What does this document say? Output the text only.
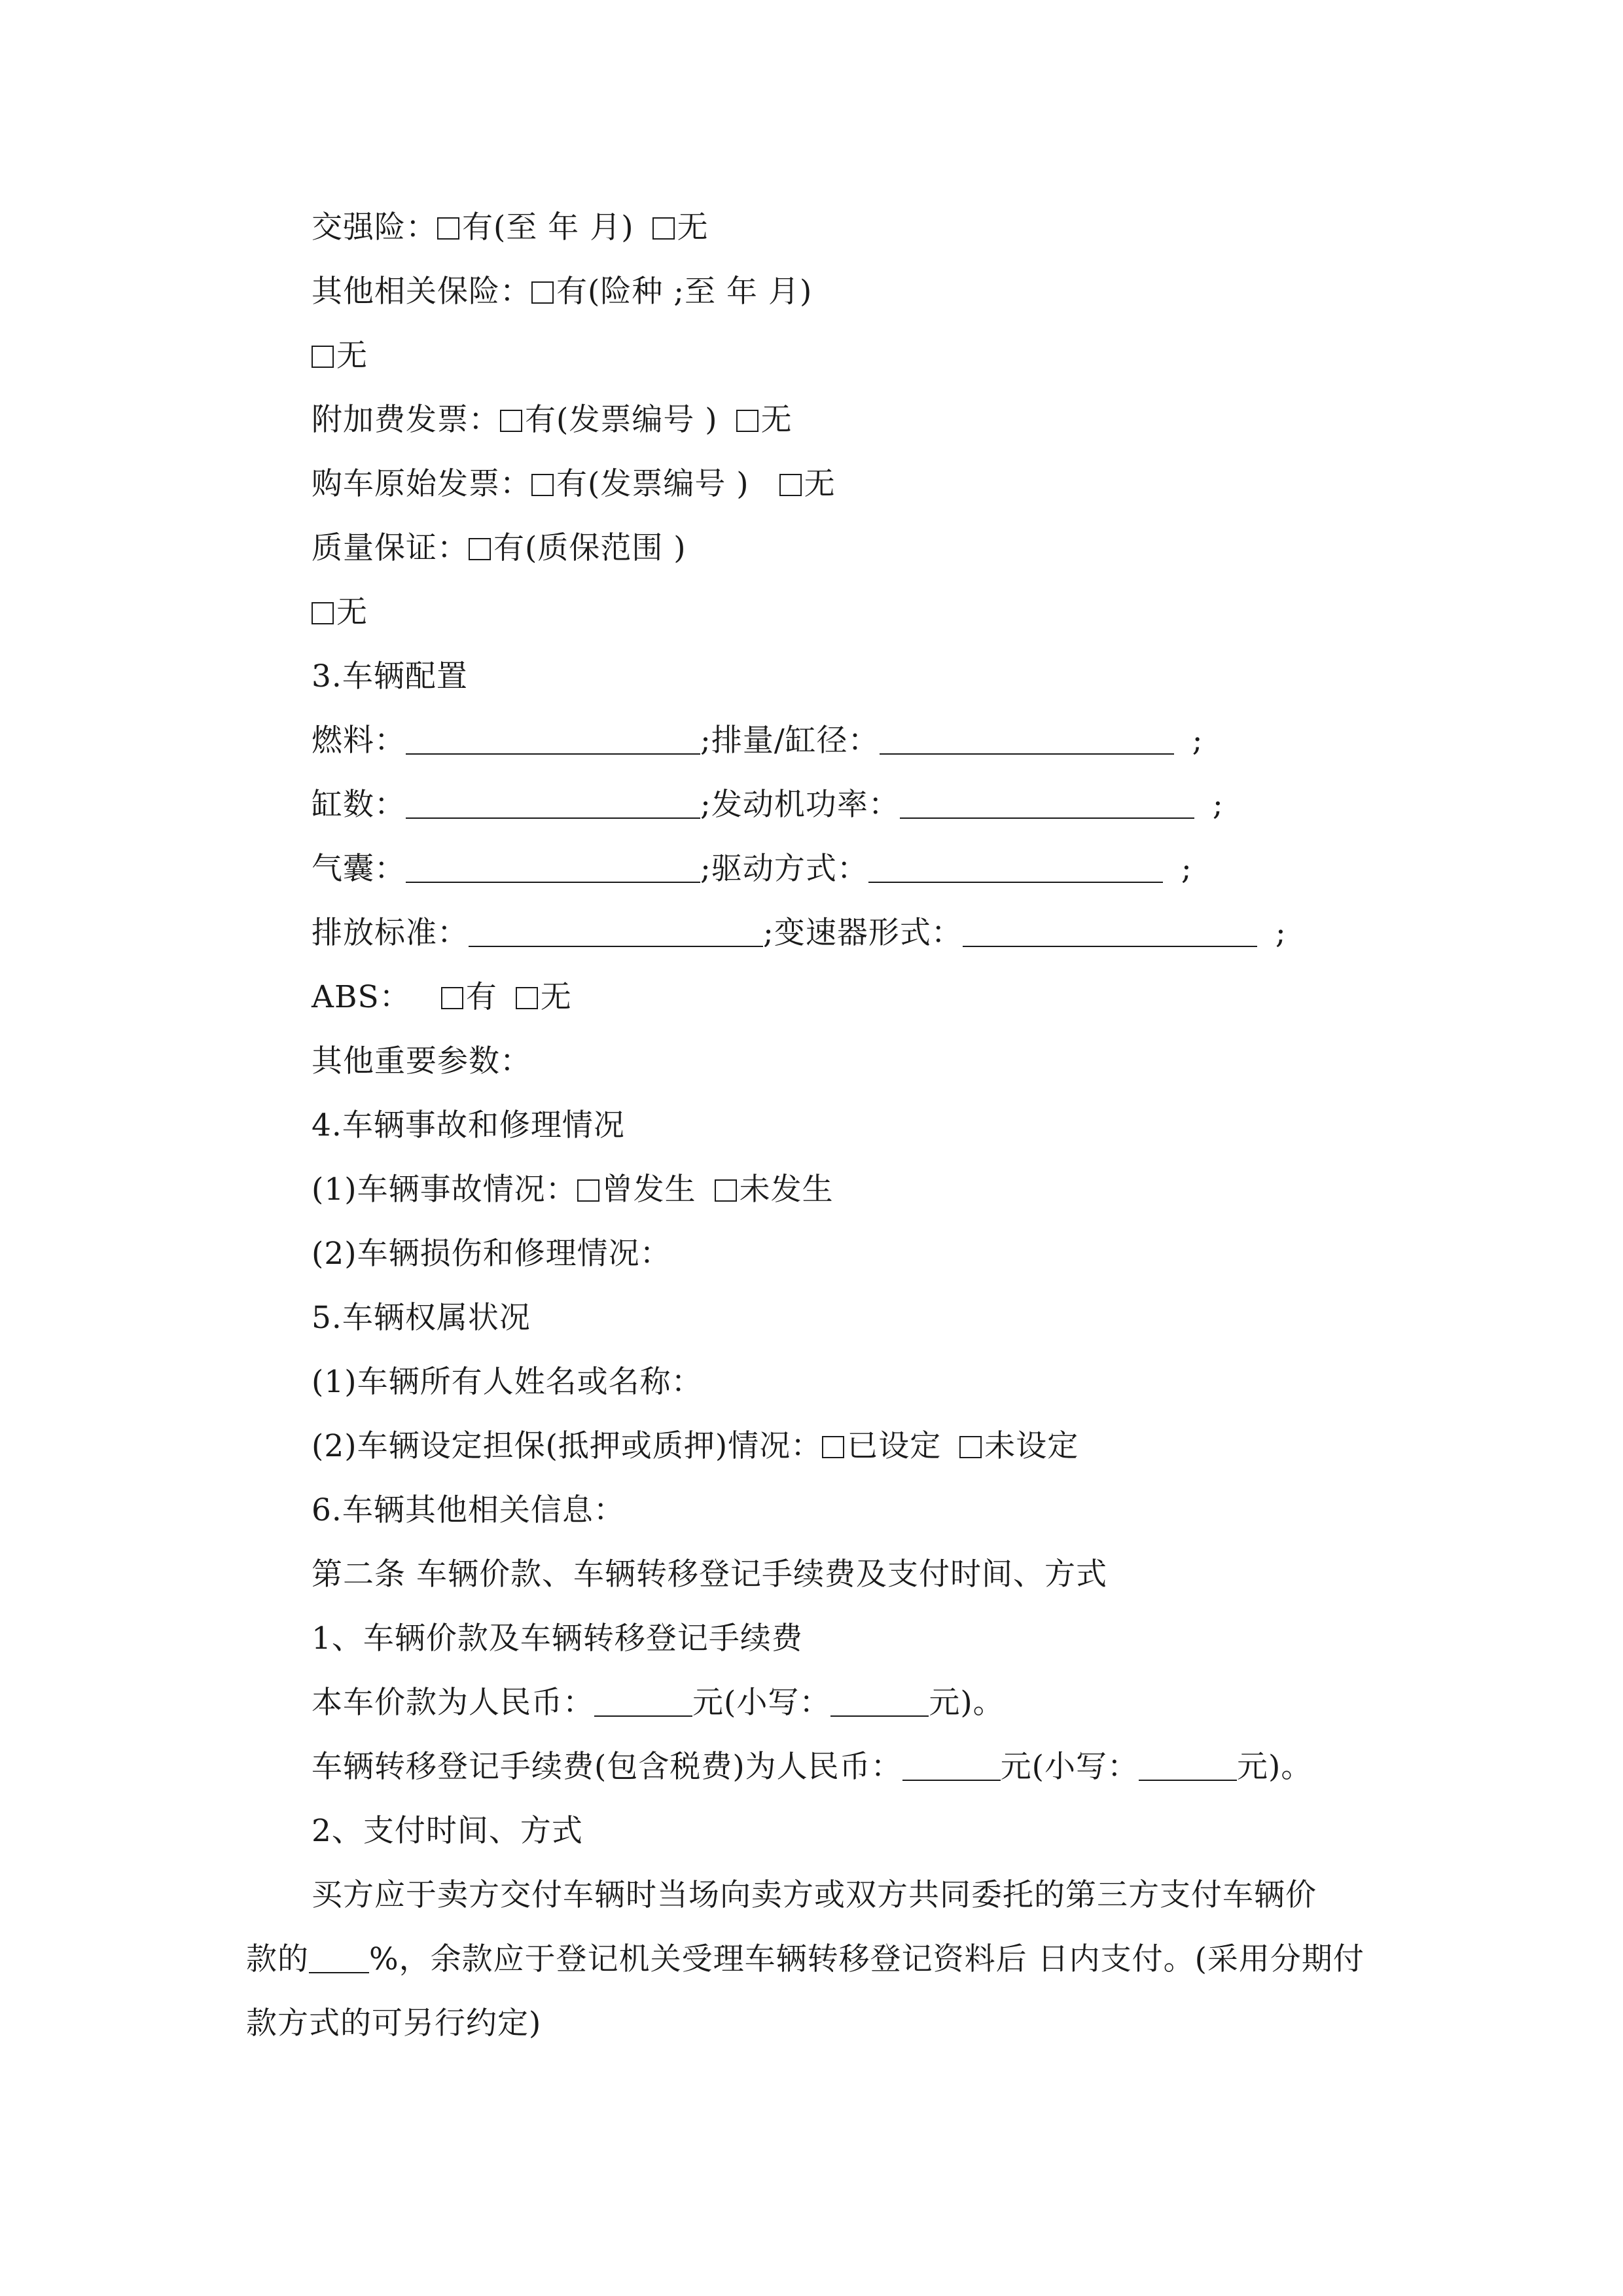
交强险： 有(至 年 月) 无
其他相关保险： 有(险种 ;至 年 月)
无
附加费发票： 有(发票编号 ) 无
购车原始发票： 有(发票编号 ) 无
质量保证： 有(质保范围 )
无
3.车辆配置
燃料：	;排量/缸径：	;
缸数：	;发动机功率：	;
气囊：	;驱动方式：	;
排放标准：	;变速器形式：	;
ABS： 有 无
其他重要参数：
4.车辆事故和修理情况
(1)车辆事故情况： 曾发生 未发生
(2)车辆损伤和修理情况：
5.车辆权属状况
(1)车辆所有人姓名或名称：
(2)车辆设定担保(抵押或质押)情况： 已设定 未设定
6.车辆其他相关信息：
第二条 车辆价款、车辆转移登记手续费及支付时间、方式
1、车辆价款及车辆转移登记手续费
本车价款为人民币：	元(小写：	元)。
车辆转移登记手续费(包含税费)为人民币：	元(小写：	元)。
2、支付时间、方式
买方应于卖方交付车辆时当场向卖方或双方共同委托的第三方支付车辆价
款的 %，余款应于登记机关受理车辆转移登记资料后 日内支付。(采用分期付
款方式的可另行约定)
